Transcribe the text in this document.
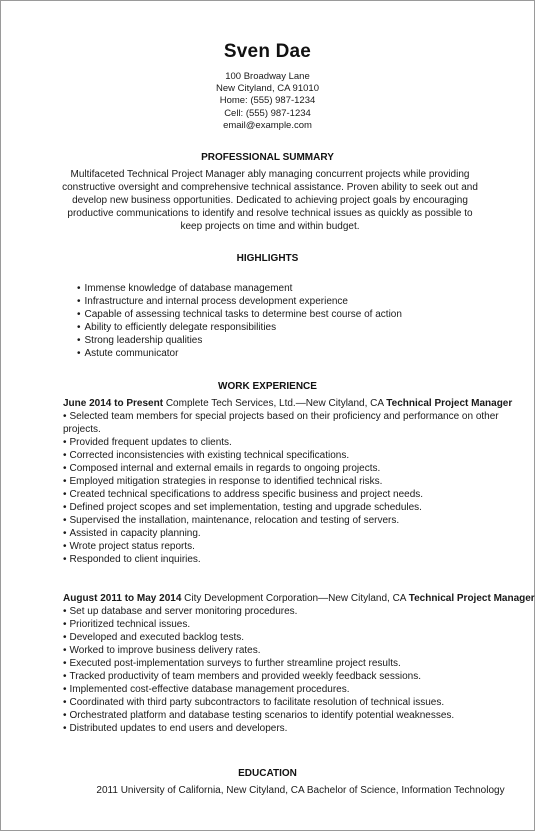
Sven Dae
100 Broadway Lane
New Cityland, CA 91010
Home: (555) 987-1234
Cell: (555) 987-1234
email@example.com
PROFESSIONAL SUMMARY
Multifaceted Technical Project Manager ably managing concurrent projects while providing constructive oversight and comprehensive technical assistance. Proven ability to seek out and develop new business opportunities. Dedicated to achieving project goals by encouraging productive communications to identify and resolve technical issues as quickly as possible to keep projects on time and within budget.
HIGHLIGHTS
• Immense knowledge of database management
• Infrastructure and internal process development experience
• Capable of assessing technical tasks to determine best course of action
• Ability to efficiently delegate responsibilities
• Strong leadership qualities
• Astute communicator
WORK EXPERIENCE
June 2014 to Present Complete Tech Services, Ltd.—New Cityland, CA Technical Project Manager
• Selected team members for special projects based on their proficiency and performance on other projects.
• Provided frequent updates to clients.
• Corrected inconsistencies with existing technical specifications.
• Composed internal and external emails in regards to ongoing projects.
• Employed mitigation strategies in response to identified technical risks.
• Created technical specifications to address specific business and project needs.
• Defined project scopes and set implementation, testing and upgrade schedules.
• Supervised the installation, maintenance, relocation and testing of servers.
• Assisted in capacity planning.
• Wrote project status reports.
• Responded to client inquiries.
August 2011 to May 2014 City Development Corporation—New Cityland, CA Technical Project Manager
• Set up database and server monitoring procedures.
• Prioritized technical issues.
• Developed and executed backlog tests.
• Worked to improve business delivery rates.
• Executed post-implementation surveys to further streamline project results.
• Tracked productivity of team members and provided weekly feedback sessions.
• Implemented cost-effective database management procedures.
• Coordinated with third party subcontractors to facilitate resolution of technical issues.
• Orchestrated platform and database testing scenarios to identify potential weaknesses.
• Distributed updates to end users and developers.
EDUCATION
2011 University of California, New Cityland, CA Bachelor of Science, Information Technology
